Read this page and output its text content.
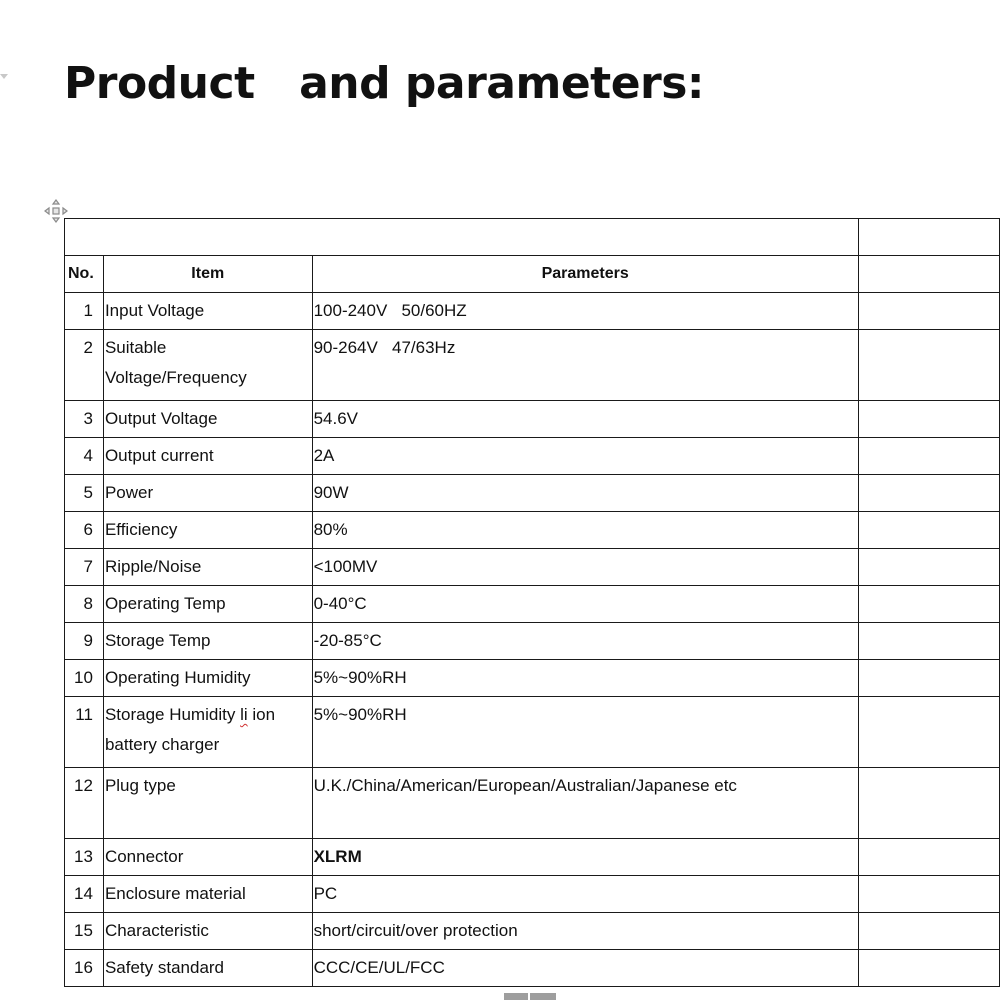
Product   and parameters:

No.	Item	Parameters	
1	Input Voltage	100-240V   50/60HZ	
2	Suitable Voltage/Frequency	90-264V   47/63Hz	
3	Output Voltage	54.6V	
4	Output current	2A	
5	Power	90W	
6	Efficiency	80%	
7	Ripple/Noise	<100MV	
8	Operating Temp	0-40°C	
9	Storage Temp	-20-85°C	
10	Operating Humidity	5%~90%RH	
11	Storage Humidity li ion battery charger	5%~90%RH	
12	Plug type	U.K./China/American/European/Australian/Japanese etc	
13	Connector	XLRM	
14	Enclosure material	PC	
15	Characteristic	short/circuit/over protection	
16	Safety standard	CCC/CE/UL/FCC	
